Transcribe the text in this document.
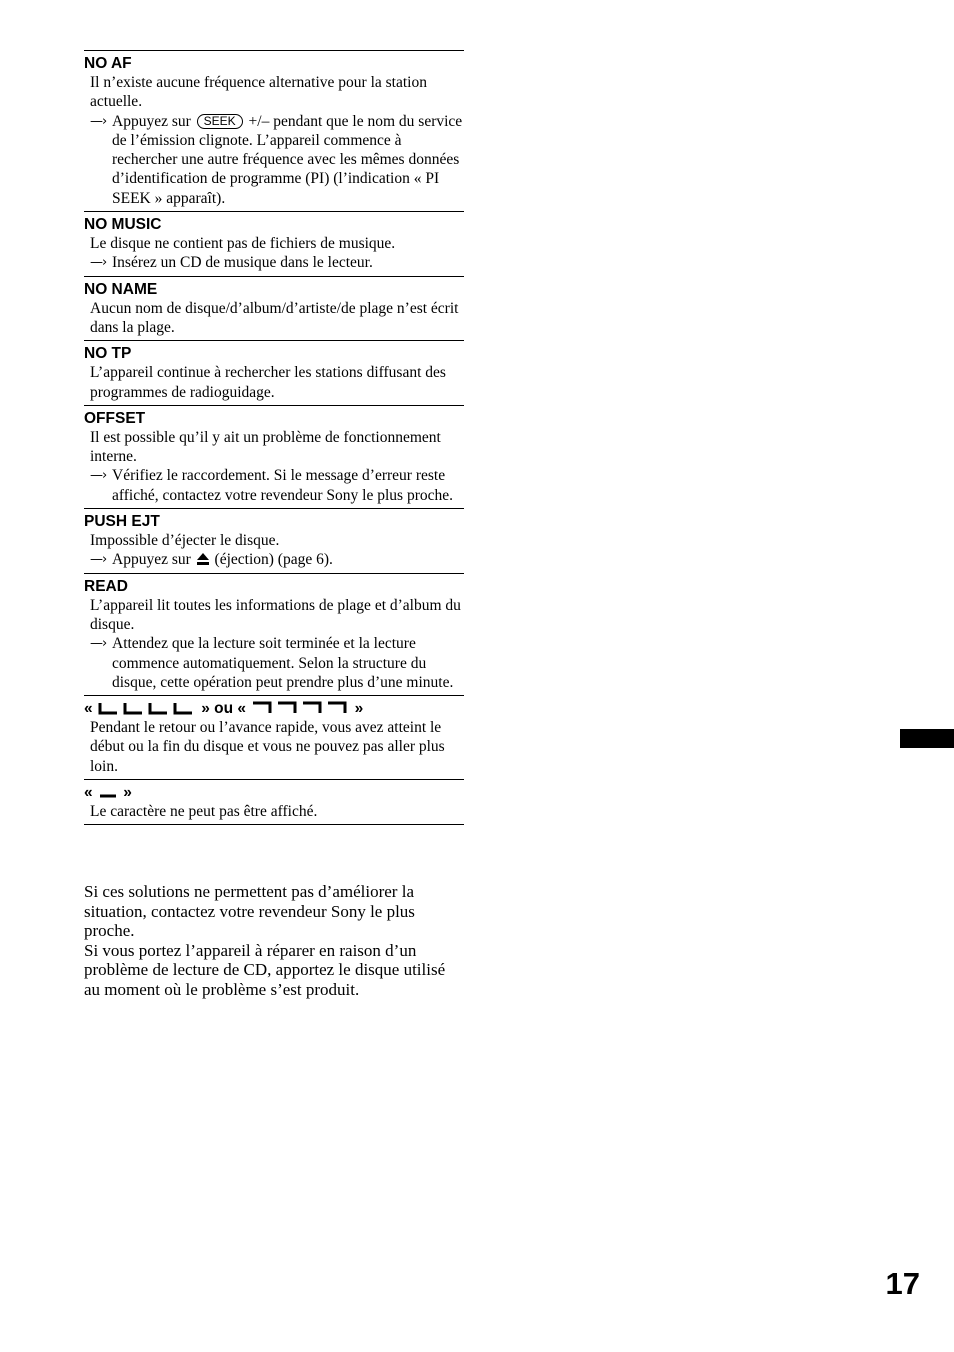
NO AF

Il n’existe aucune fréquence alternative pour la station actuelle.

—› Appuyez sur SEEK +/– pendant que le nom du service de l’émission clignote. L’appareil commence à rechercher une autre fréquence avec les mêmes données d’identification de programme (PI) (l’indication « PI SEEK » apparaît).

NO MUSIC

Le disque ne contient pas de fichiers de musique.

—› Insérez un CD de musique dans le lecteur.

NO NAME

Aucun nom de disque/d’album/d’artiste/de plage n’est écrit dans la plage.

NO TP

L’appareil continue à rechercher les stations diffusant des programmes de radioguidage.

OFFSET

Il est possible qu’il y ait un problème de fonctionnement interne.

—› Vérifiez le raccordement. Si le message d’erreur reste affiché, contactez votre revendeur Sony le plus proche.

PUSH EJT

Impossible d’éjecter le disque.

—› Appuyez sur (éjection) (page 6).

READ

L’appareil lit toutes les informations de plage et d’album du disque.

—› Attendez que la lecture soit terminée et la lecture commence automatiquement. Selon la structure du disque, cette opération peut prendre plus d’une minute.

«	» ou «	»

Pendant le retour ou l’avance rapide, vous avez atteint le début ou la fin du disque et vous ne pouvez pas aller plus loin.

« »

Le caractère ne peut pas être affiché.

Si ces solutions ne permettent pas d’améliorer la situation, contactez votre revendeur Sony le plus proche.

Si vous portez l’appareil à réparer en raison d’un problème de lecture de CD, apportez le disque utilisé au moment où le problème s’est produit.

17
